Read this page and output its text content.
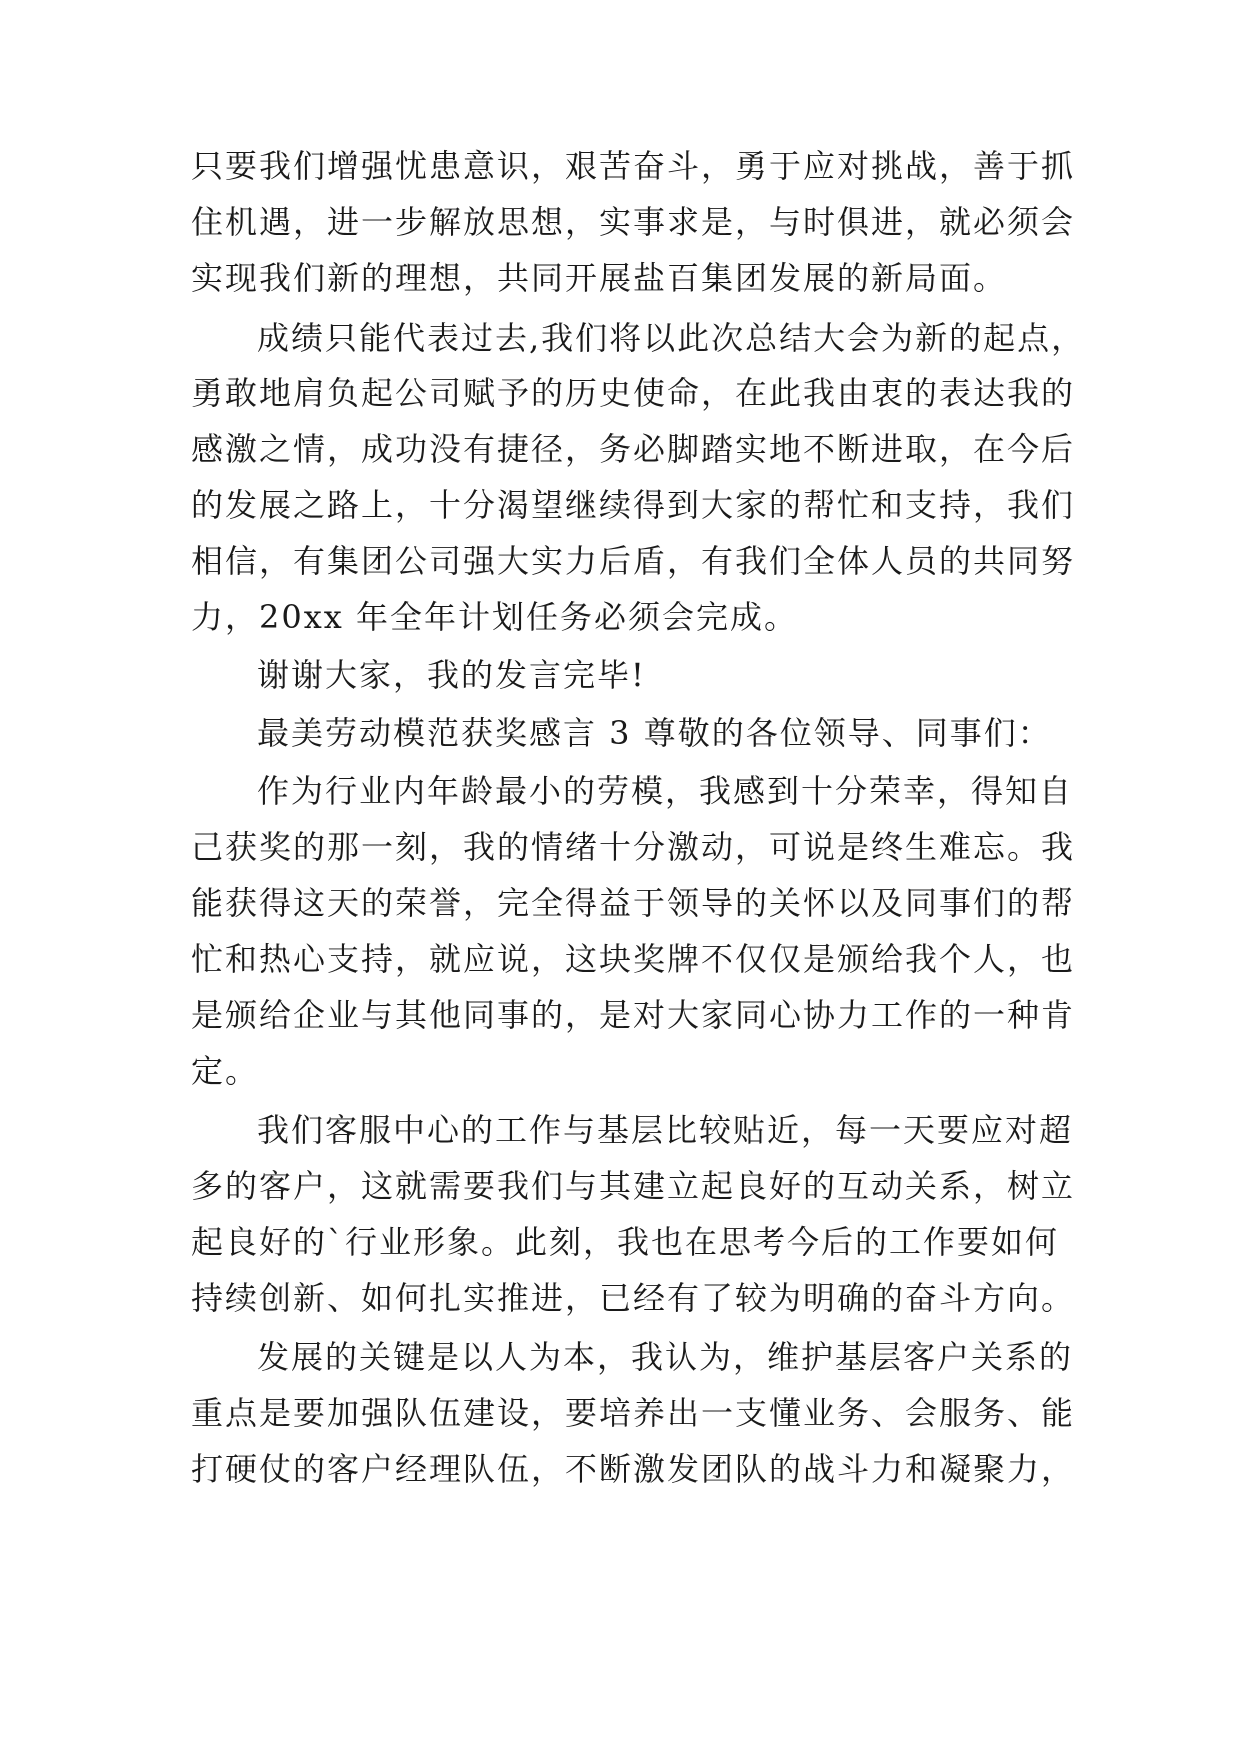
只要我们增强忧患意识，艰苦奋斗，勇于应对挑战，善于抓
住机遇，进一步解放思想，实事求是，与时俱进，就必须会
实现我们新的理想，共同开展盐百集团发展的新局面。
成绩只能代表过去,我们将以此次总结大会为新的起点，
勇敢地肩负起公司赋予的历史使命，在此我由衷的表达我的
感激之情，成功没有捷径，务必脚踏实地不断进取，在今后
的发展之路上，十分渴望继续得到大家的帮忙和支持，我们
相信，有集团公司强大实力后盾，有我们全体人员的共同努
力，20xx 年全年计划任务必须会完成。
谢谢大家，我的发言完毕!
最美劳动模范获奖感言 3 尊敬的各位领导、同事们：
作为行业内年龄最小的劳模，我感到十分荣幸，得知自
己获奖的那一刻，我的情绪十分激动，可说是终生难忘。我
能获得这天的荣誉，完全得益于领导的关怀以及同事们的帮
忙和热心支持，就应说，这块奖牌不仅仅是颁给我个人，也
是颁给企业与其他同事的，是对大家同心协力工作的一种肯
定。
我们客服中心的工作与基层比较贴近，每一天要应对超
多的客户，这就需要我们与其建立起良好的互动关系，树立
起良好的`行业形象。此刻，我也在思考今后的工作要如何
持续创新、如何扎实推进，已经有了较为明确的奋斗方向。
发展的关键是以人为本，我认为，维护基层客户关系的
重点是要加强队伍建设，要培养出一支懂业务、会服务、能
打硬仗的客户经理队伍，不断激发团队的战斗力和凝聚力，
